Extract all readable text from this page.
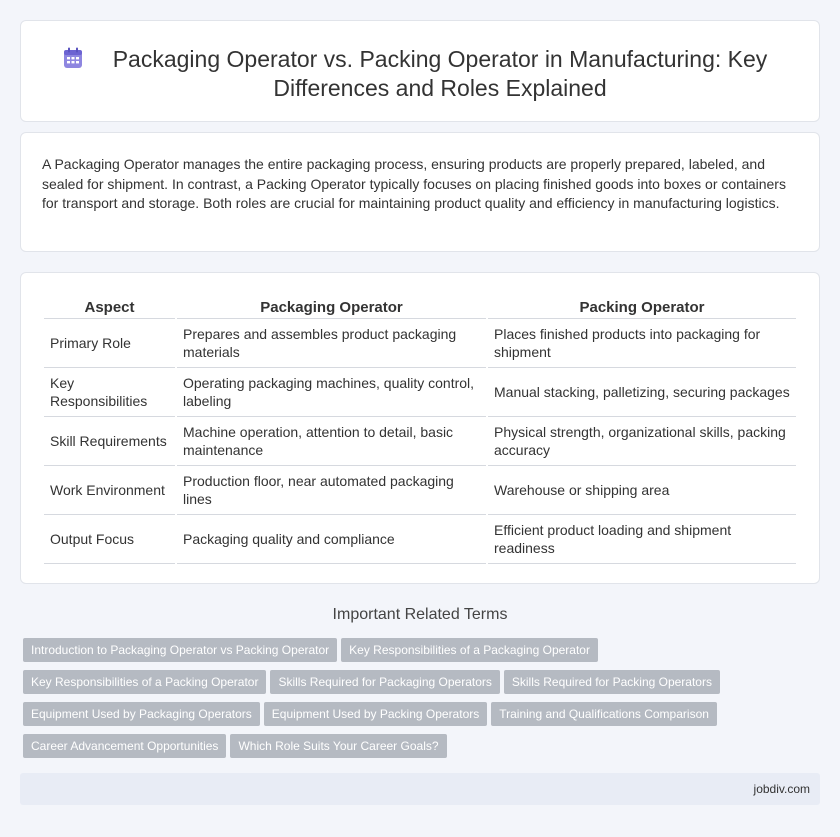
Packaging Operator vs. Packing Operator in Manufacturing: Key Differences and Roles Explained

A Packaging Operator manages the entire packaging process, ensuring products are properly prepared, labeled, and sealed for shipment. In contrast, a Packing Operator typically focuses on placing finished goods into boxes or containers for transport and storage. Both roles are crucial for maintaining product quality and efficiency in manufacturing logistics.

Aspect	Packaging Operator	Packing Operator
Primary Role	Prepares and assembles product packaging materials	Places finished products into packaging for shipment
Key Responsibilities	Operating packaging machines, quality control, labeling	Manual stacking, palletizing, securing packages
Skill Requirements	Machine operation, attention to detail, basic maintenance	Physical strength, organizational skills, packing accuracy
Work Environment	Production floor, near automated packaging lines	Warehouse or shipping area
Output Focus	Packaging quality and compliance	Efficient product loading and shipment readiness
Important Related Terms
Introduction to Packaging Operator vs Packing Operator Key Responsibilities of a Packaging Operator
Key Responsibilities of a Packing Operator Skills Required for Packaging Operators Skills Required for Packing Operators
Equipment Used by Packaging Operators Equipment Used by Packing Operators Training and Qualifications Comparison
Career Advancement Opportunities Which Role Suits Your Career Goals?
jobdiv.com
